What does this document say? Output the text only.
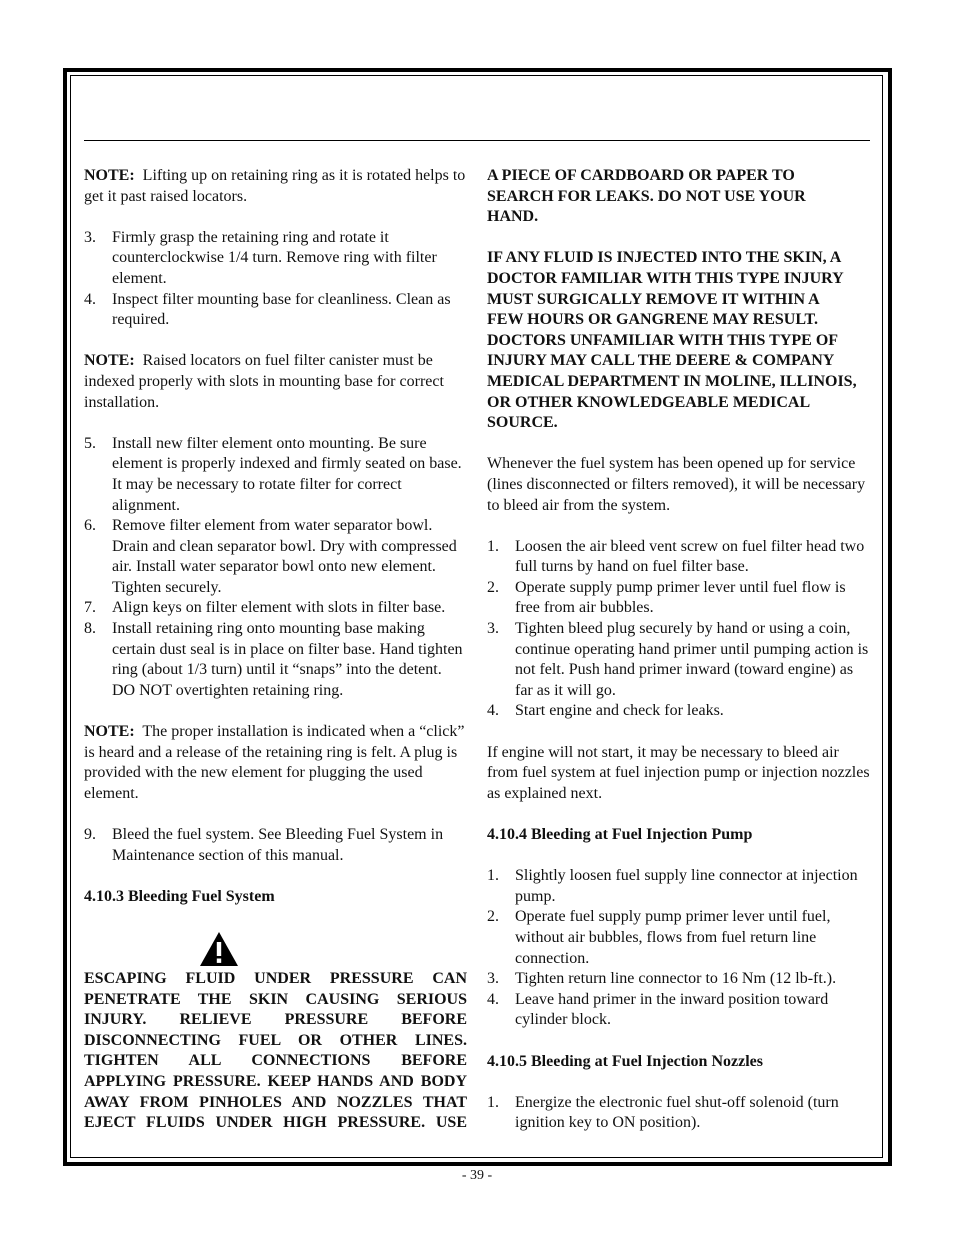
NOTE: Lifting up on retaining ring as it is rotated helps to get it past raised locators.

3.	Firmly grasp the retaining ring and rotate it counterclockwise 1/4 turn. Remove ring with filter element.
4.	Inspect filter mounting base for cleanliness. Clean as required.

NOTE: Raised locators on fuel filter canister must be indexed properly with slots in mounting base for correct installation.

5.	Install new filter element onto mounting. Be sure element is properly indexed and firmly seated on base. It may be necessary to rotate filter for correct alignment.
6.	Remove filter element from water separator bowl. Drain and clean separator bowl. Dry with compressed air. Install water separator bowl onto new element. Tighten securely.
7.	Align keys on filter element with slots in filter base.
8.	Install retaining ring onto mounting base making certain dust seal is in place on filter base. Hand tighten ring (about 1/3 turn) until it “snaps” into the detent. DO NOT overtighten retaining ring.

NOTE: The proper installation is indicated when a “click” is heard and a release of the retaining ring is felt. A plug is provided with the new element for plugging the used element.

9.	Bleed the fuel system. See Bleeding Fuel System in Maintenance section of this manual.

4.10.3 Bleeding Fuel System

ESCAPING FLUID UNDER PRESSURE CAN
PENETRATE THE SKIN CAUSING SERIOUS
INJURY. RELIEVE PRESSURE BEFORE
DISCONNECTING FUEL OR OTHER LINES.
TIGHTEN ALL CONNECTIONS BEFORE
APPLYING PRESSURE. KEEP HANDS AND BODY
AWAY FROM PINHOLES AND NOZZLES THAT
EJECT FLUIDS UNDER HIGH PRESSURE. USE
A PIECE OF CARDBOARD OR PAPER TO
SEARCH FOR LEAKS. DO NOT USE YOUR
HAND.
IF ANY FLUID IS INJECTED INTO THE SKIN, A
DOCTOR FAMILIAR WITH THIS TYPE INJURY
MUST SURGICALLY REMOVE IT WITHIN A
FEW HOURS OR GANGRENE MAY RESULT.
DOCTORS UNFAMILIAR WITH THIS TYPE OF
INJURY MAY CALL THE DEERE & COMPANY
MEDICAL DEPARTMENT IN MOLINE, ILLINOIS,
OR OTHER KNOWLEDGEABLE MEDICAL
SOURCE.

Whenever the fuel system has been opened up for service (lines disconnected or filters removed), it will be necessary to bleed air from the system.

1.	Loosen the air bleed vent screw on fuel filter head two full turns by hand on fuel filter base.
2.	Operate supply pump primer lever until fuel flow is free from air bubbles.
3.	Tighten bleed plug securely by hand or using a coin, continue operating hand primer until pumping action is not felt. Push hand primer inward (toward engine) as far as it will go.
4.	Start engine and check for leaks.

If engine will not start, it may be necessary to bleed air from fuel system at fuel injection pump or injection nozzles as explained next.

4.10.4 Bleeding at Fuel Injection Pump

1.	Slightly loosen fuel supply line connector at injection pump.
2.	Operate fuel supply pump primer lever until fuel, without air bubbles, flows from fuel return line connection.
3.	Tighten return line connector to 16 Nm (12 lb-ft.).
4.	Leave hand primer in the inward position toward cylinder block.

4.10.5 Bleeding at Fuel Injection Nozzles

1.	Energize the electronic fuel shut-off solenoid (turn ignition key to ON position).
- 39 -
